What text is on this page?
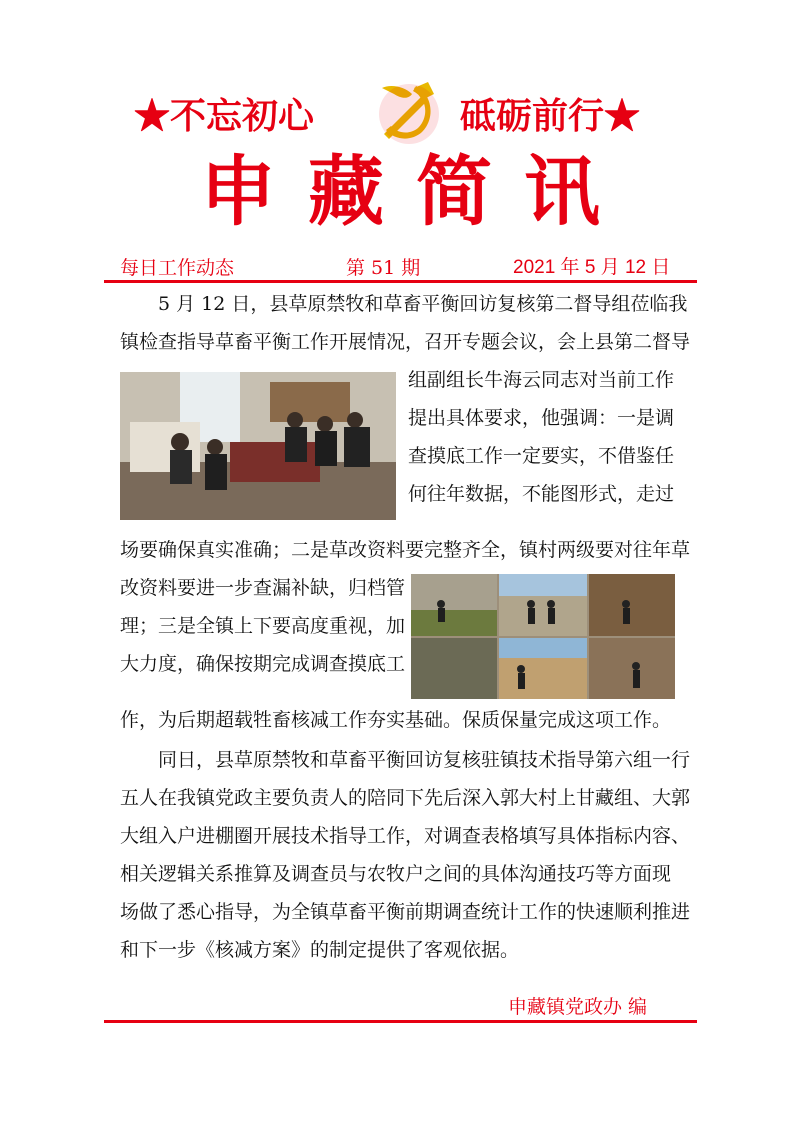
★不忘初心	砥砺前行★
申藏简讯
每日工作动态	第 51 期	2021 年 5 月 12 日

　　5 月 12 日，县草原禁牧和草畜平衡回访复核第二督导组莅临我

镇检查指导草畜平衡工作开展情况，召开专题会议，会上县第二督导

组副组长牛海云同志对当前工作

提出具体要求，他强调：一是调

查摸底工作一定要实，不借鉴任

何往年数据，不能图形式，走过

场要确保真实准确；二是草改资料要完整齐全，镇村两级要对往年草

改资料要进一步查漏补缺，归档管

理；三是全镇上下要高度重视，加

大力度，确保按期完成调查摸底工

作，为后期超载牲畜核减工作夯实基础。保质保量完成这项工作。

　　同日，县草原禁牧和草畜平衡回访复核驻镇技术指导第六组一行

五人在我镇党政主要负责人的陪同下先后深入郭大村上甘藏组、大郭

大组入户进棚圈开展技术指导工作，对调查表格填写具体指标内容、

相关逻辑关系推算及调查员与农牧户之间的具体沟通技巧等方面现

场做了悉心指导，为全镇草畜平衡前期调查统计工作的快速顺利推进

和下一步《核减方案》的制定提供了客观依据。

申藏镇党政办 编
